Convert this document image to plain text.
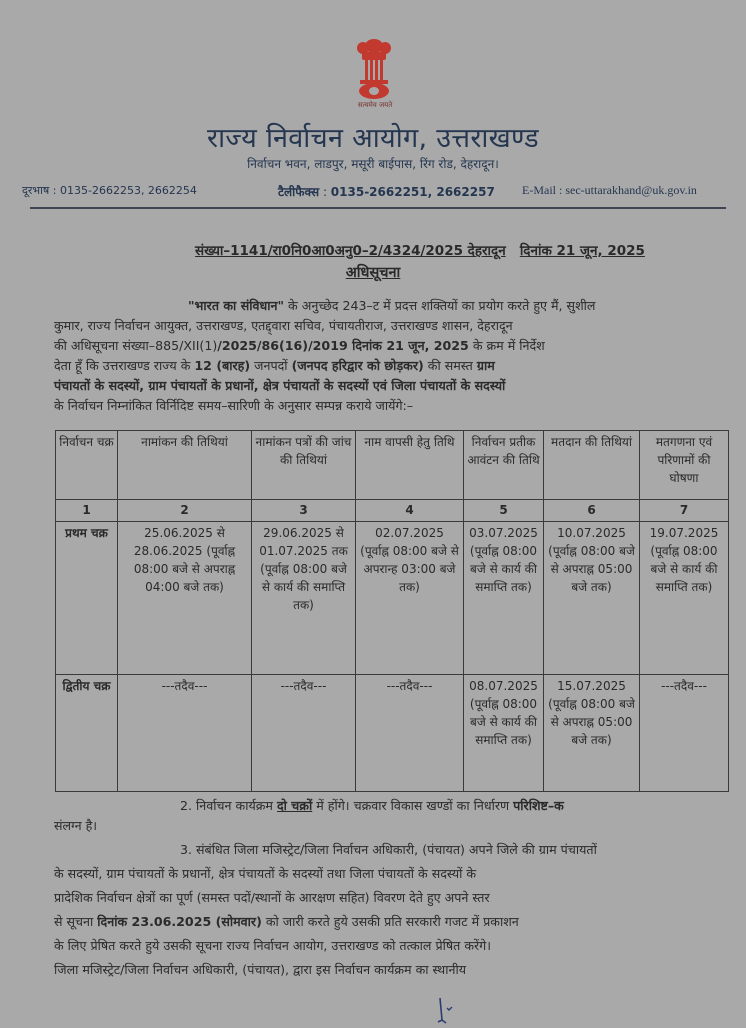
सत्यमेव जयते
राज्य निर्वाचन आयोग, उत्तराखण्ड
निर्वाचन भवन, लाडपुर, मसूरी बाईपास, रिंग रोड, देहरादून।
दूरभाष : 0135-2662253, 2662254	टैलीफैक्स : 0135-2662251, 2662257 E-Mail : sec-uttarakhand@uk.gov.in
संख्या–1141/रा0नि0आ0अनु0–2/4324/2025 देहरादून दिनांक 21 जून, 2025
अधिसूचना
"भारत का संविधान" के अनुच्छेद 243–ट में प्रदत्त शक्तियों का प्रयोग करते हुए मैं, सुशील
कुमार, राज्य निर्वाचन आयुक्त, उत्तराखण्ड, एतद्द्वारा सचिव, पंचायतीराज, उत्तराखण्ड शासन, देहरादून
की अधिसूचना संख्या–885/XII(1)/2025/86(16)/2019 दिनांक 21 जून, 2025 के क्रम में निर्देश
देता हूँ कि उत्तराखण्ड राज्य के 12 (बारह) जनपदों (जनपद हरिद्वार को छोड़कर) की समस्त ग्राम
पंचायतों के सदस्यों, ग्राम पंचायतों के प्रधानों, क्षेत्र पंचायतों के सदस्यों एवं जिला पंचायतों के सदस्यों
के निर्वाचन निम्नांकित विर्निदिष्ट समय–सारिणी के अनुसार सम्पन्न कराये जायेंगे:–
निर्वाचन चक्र	नामांकन की तिथियां	नामांकन पत्रों की जांच की तिथियां	नाम वापसी हेतु तिथि	निर्वाचन प्रतीक आवंटन की तिथि	मतदान की तिथियां	मतगणना एवं परिणामों की घोषणा
1	2	3	4	5	6	7
प्रथम चक्र	25.06.2025 से 28.06.2025 (पूर्वाह्न 08:00 बजे से अपराह्न 04:00 बजे तक)	29.06.2025 से 01.07.2025 तक (पूर्वाह्न 08:00 बजे से कार्य की समाप्ति तक)	02.07.2025 (पूर्वाह्न 08:00 बजे से अपरान्ह 03:00 बजे तक)	03.07.2025 (पूर्वाह्न 08:00 बजे से कार्य की समाप्ति तक)	10.07.2025 (पूर्वाह्न 08:00 बजे से अपराह्न 05:00 बजे तक)	19.07.2025 (पूर्वाह्न 08:00 बजे से कार्य की समाप्ति तक)
द्वितीय चक्र	---तदैव---	---तदैव---	---तदैव---	08.07.2025 (पूर्वाह्न 08:00 बजे से कार्य की समाप्ति तक)	15.07.2025 (पूर्वाह्न 08:00 बजे से अपराह्न 05:00 बजे तक)	---तदैव---
2. निर्वाचन कार्यक्रम दो चक्रों में होंगे। चक्रवार विकास खण्डों का निर्धारण परिशिष्ट–क
संलग्न है।
3. संबंधित जिला मजिस्ट्रेट/जिला निर्वाचन अधिकारी, (पंचायत) अपने जिले की ग्राम पंचायतों
के सदस्यों, ग्राम पंचायतों के प्रधानों, क्षेत्र पंचायतों के सदस्यों तथा जिला पंचायतों के सदस्यों के
प्रादेशिक निर्वाचन क्षेत्रों का पूर्ण (समस्त पदों/स्थानों के आरक्षण सहित) विवरण देते हुए अपने स्तर
से सूचना दिनांक 23.06.2025 (सोमवार) को जारी करते हुये उसकी प्रति सरकारी गजट में प्रकाशन
के लिए प्रेषित करते हुये उसकी सूचना राज्य निर्वाचन आयोग, उत्तराखण्ड को तत्काल प्रेषित करेंगे।
जिला मजिस्ट्रेट/जिला निर्वाचन अधिकारी, (पंचायत), द्वारा इस निर्वाचन कार्यक्रम का स्थानीय
